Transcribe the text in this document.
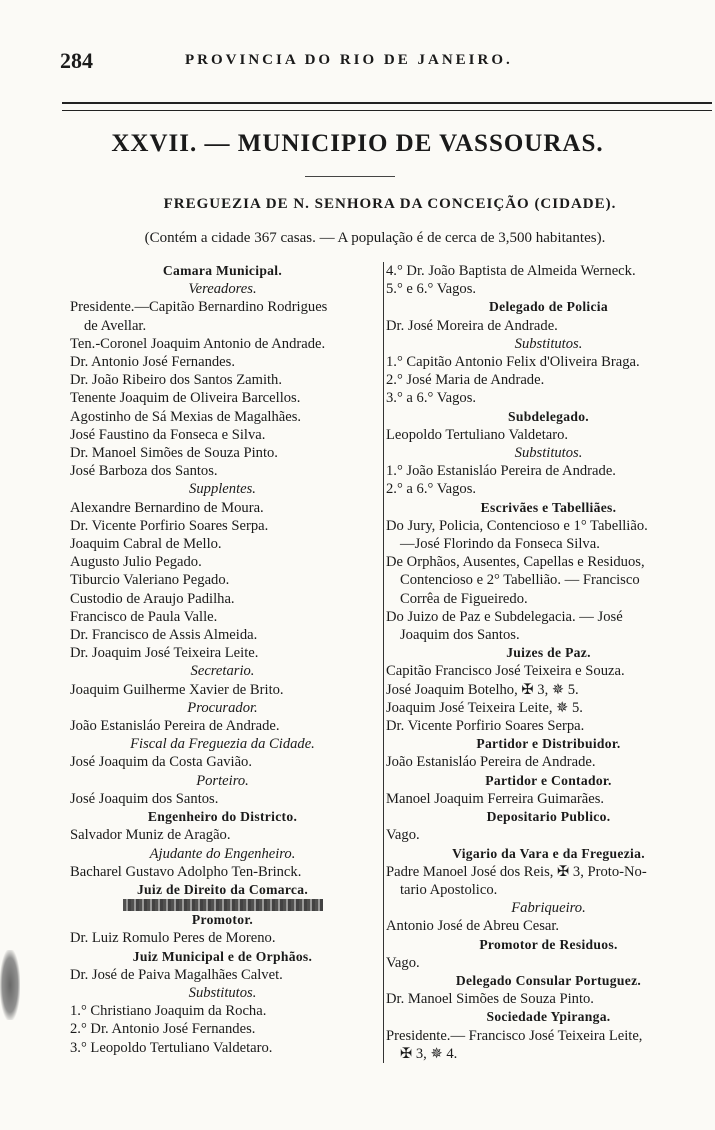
284	PROVINCIA DO RIO DE JANEIRO.
XXVII. — MUNICIPIO DE VASSOURAS.
FREGUEZIA DE N. SENHORA DA CONCEIÇÃO (CIDADE).
(Contém a cidade 367 casas. — A população é de cerca de 3,500 habitantes).
Camara Municipal.
Vereadores.
Presidente.—Capitão Bernardino Rodrigues
de Avellar.
Ten.-Coronel Joaquim Antonio de Andrade.
Dr. Antonio José Fernandes.
Dr. João Ribeiro dos Santos Zamith.
Tenente Joaquim de Oliveira Barcellos.
Agostinho de Sá Mexias de Magalhães.
José Faustino da Fonseca e Silva.
Dr. Manoel Simões de Souza Pinto.
José Barboza dos Santos.
Supplentes.
Alexandre Bernardino de Moura.
Dr. Vicente Porfirio Soares Serpa.
Joaquim Cabral de Mello.
Augusto Julio Pegado.
Tiburcio Valeriano Pegado.
Custodio de Araujo Padilha.
Francisco de Paula Valle.
Dr. Francisco de Assis Almeida.
Dr. Joaquim José Teixeira Leite.
Secretario.
Joaquim Guilherme Xavier de Brito.
Procurador.
João Estanisláo Pereira de Andrade.
Fiscal da Freguezia da Cidade.
José Joaquim da Costa Gavião.
Porteiro.
José Joaquim dos Santos.
Engenheiro do Districto.
Salvador Muniz de Aragão.
Ajudante do Engenheiro.
Bacharel Gustavo Adolpho Ten-Brinck.
Juiz de Direito da Comarca.
Promotor.
Dr. Luiz Romulo Peres de Moreno.
Juiz Municipal e de Orphãos.
Dr. José de Paiva Magalhães Calvet.
Substitutos.
1.° Christiano Joaquim da Rocha.
2.° Dr. Antonio José Fernandes.
3.° Leopoldo Tertuliano Valdetaro.
4.° Dr. João Baptista de Almeida Werneck.
5.° e 6.° Vagos.
Delegado de Policia
Dr. José Moreira de Andrade.
Substitutos.
1.° Capitão Antonio Felix d'Oliveira Braga.
2.° José Maria de Andrade.
3.° a 6.° Vagos.
Subdelegado.
Leopoldo Tertuliano Valdetaro.
Substitutos.
1.° João Estanisláo Pereira de Andrade.
2.° a 6.° Vagos.
Escrivães e Tabelliães.
Do Jury, Policia, Contencioso e 1° Tabellião.
—José Florindo da Fonseca Silva.
De Orphãos, Ausentes, Capellas e Residuos,
Contencioso e 2° Tabellião. — Francisco
Corrêa de Figueiredo.
Do Juizo de Paz e Subdelegacia. — José
Joaquim dos Santos.
Juizes de Paz.
Capitão Francisco José Teixeira e Souza.
José Joaquim Botelho, ✠ 3, ✵ 5.
Joaquim José Teixeira Leite, ✵ 5.
Dr. Vicente Porfirio Soares Serpa.
Partidor e Distribuidor.
João Estanisláo Pereira de Andrade.
Partidor e Contador.
Manoel Joaquim Ferreira Guimarães.
Depositario Publico.
Vago.
Vigario da Vara e da Freguezia.
Padre Manoel José dos Reis, ✠ 3, Proto-No-
tario Apostolico.
Fabriqueiro.
Antonio José de Abreu Cesar.
Promotor de Residuos.
Vago.
Delegado Consular Portuguez.
Dr. Manoel Simões de Souza Pinto.
Sociedade Ypiranga.
Presidente.— Francisco José Teixeira Leite,
✠ 3, ✵ 4.
